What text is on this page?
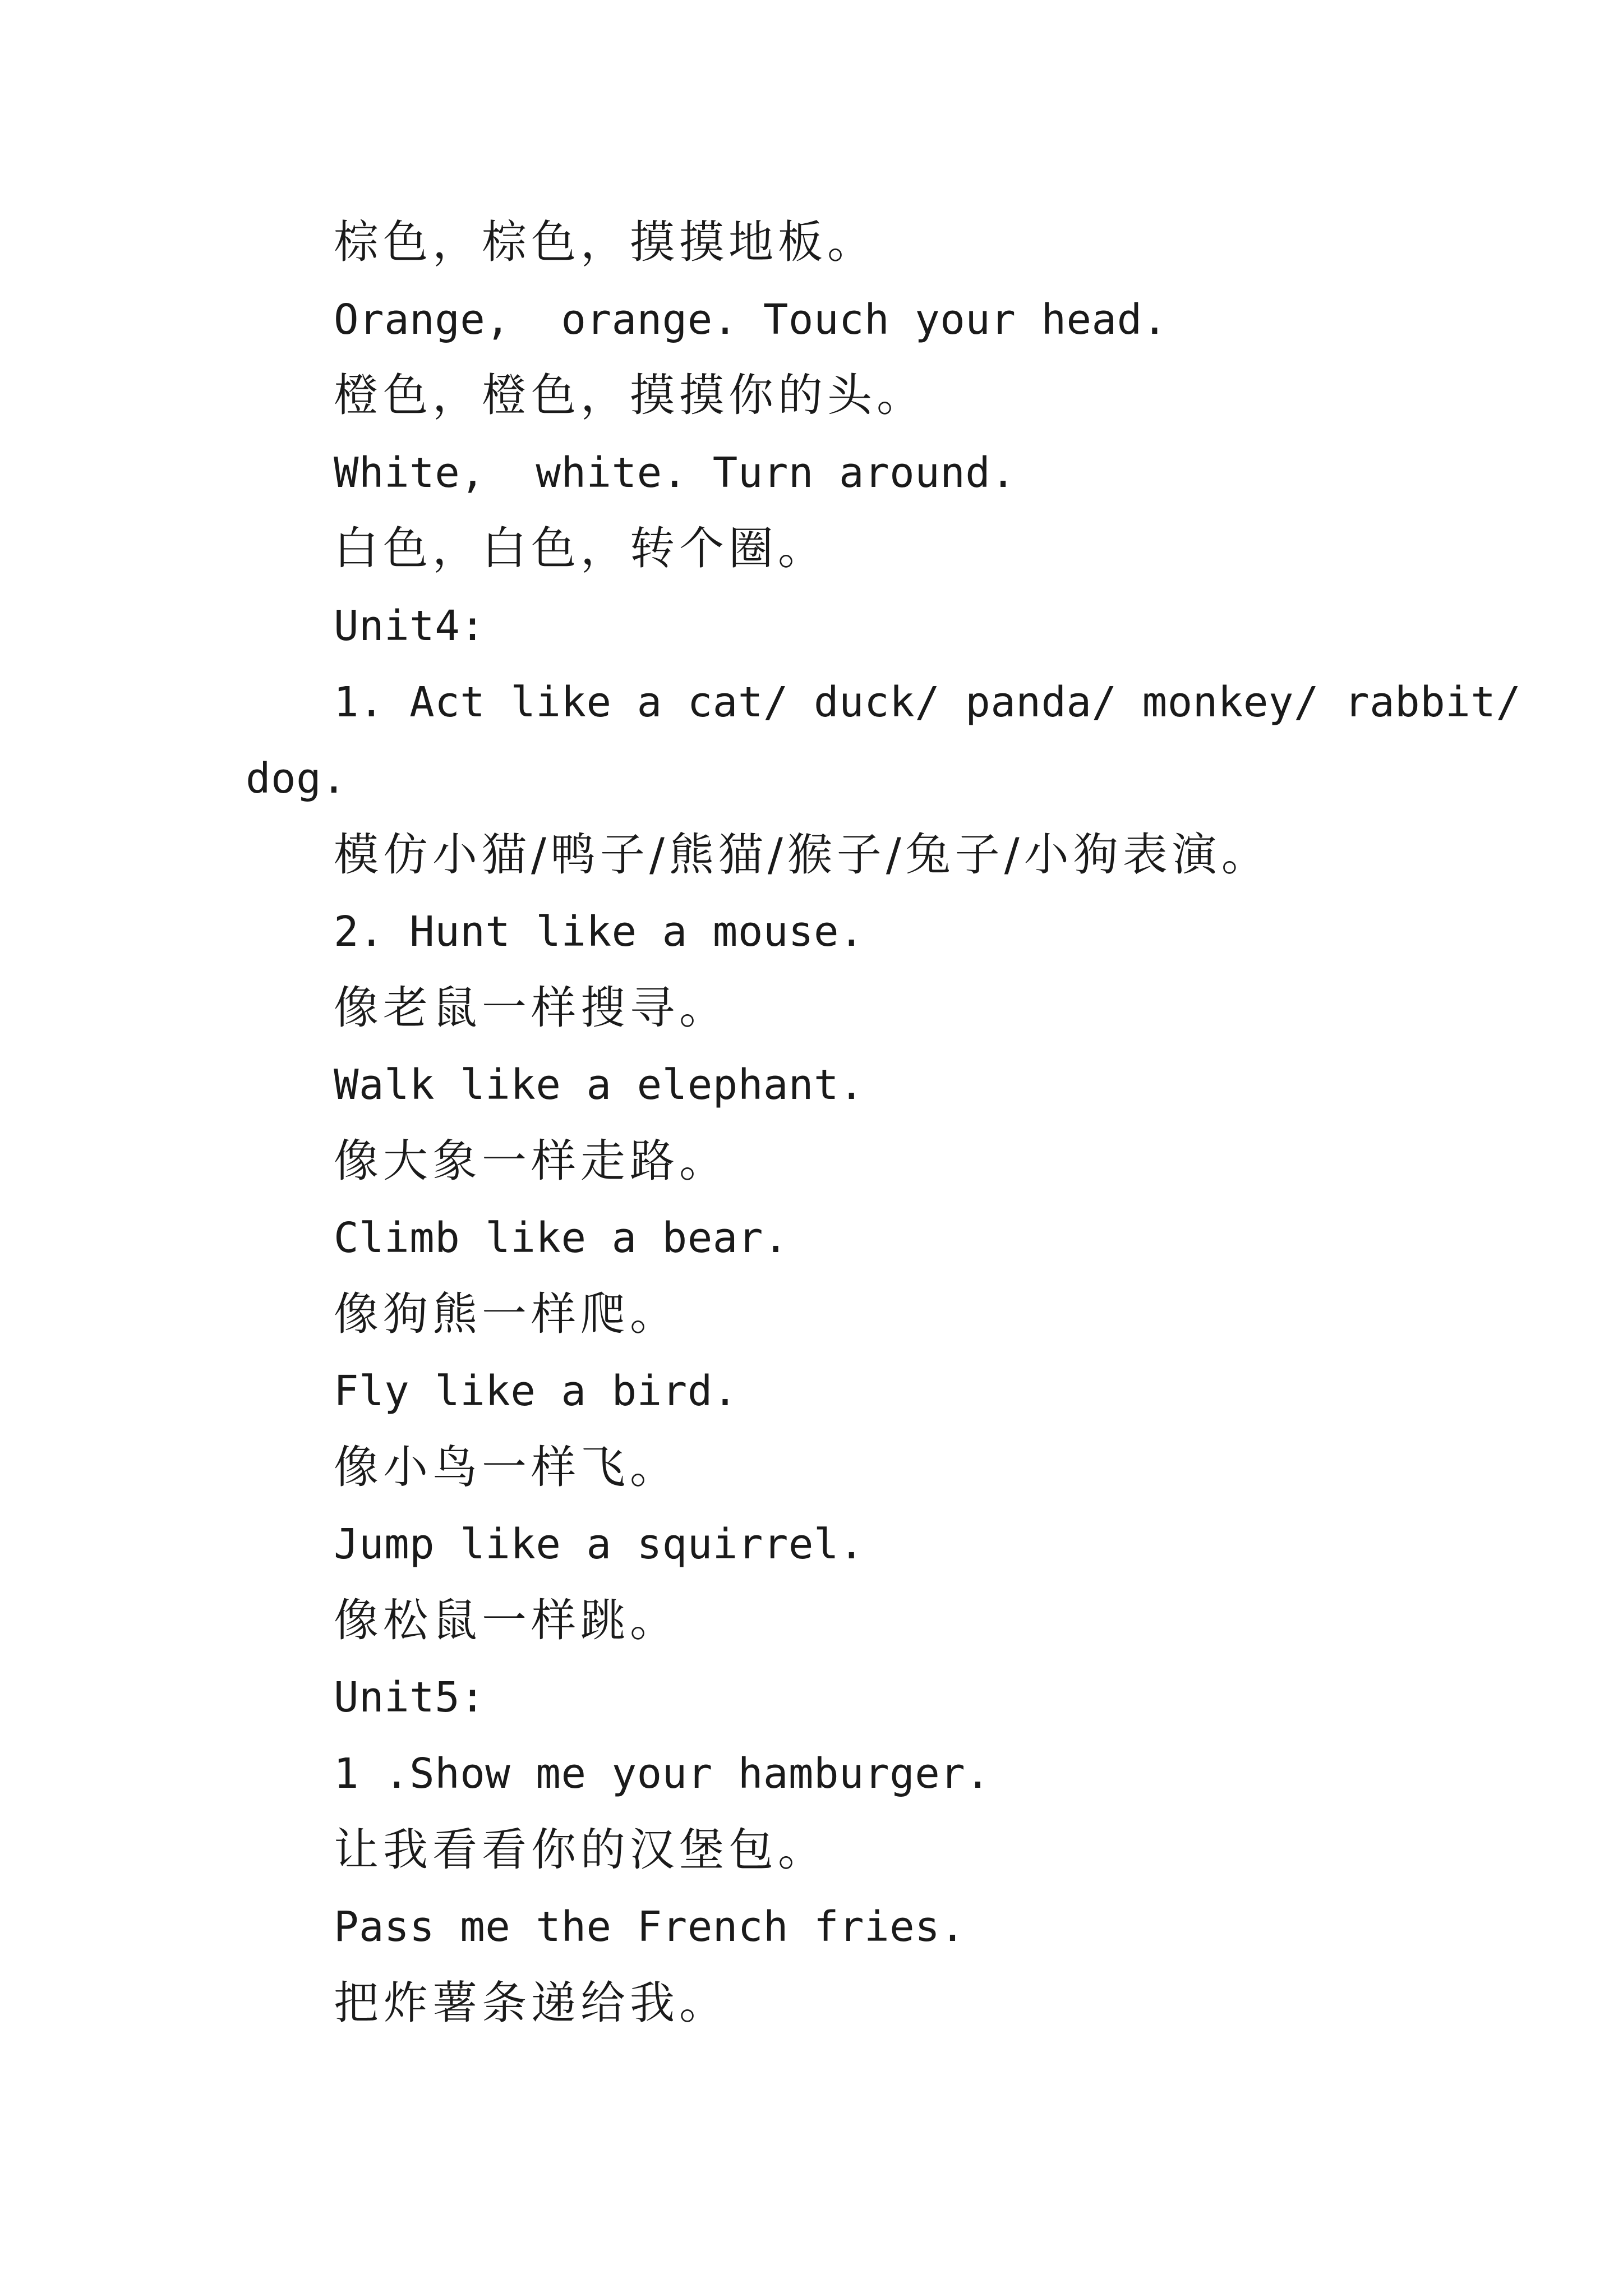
棕色，棕色，摸摸地板。
Orange,  orange. Touch your head.
橙色，橙色，摸摸你的头。
White,  white. Turn around.
白色，白色，转个圈。
Unit4:
1. Act like a cat/ duck/ panda/ monkey/ rabbit/
dog.
模仿小猫/鸭子/熊猫/猴子/兔子/小狗表演。
2. Hunt like a mouse.
像老鼠一样搜寻。
Walk like a elephant.
像大象一样走路。
Climb like a bear.
像狗熊一样爬。
Fly like a bird.
像小鸟一样飞。
Jump like a squirrel.
像松鼠一样跳。
Unit5:
1 .Show me your hamburger.
让我看看你的汉堡包。
Pass me the French fries.
把炸薯条递给我。
